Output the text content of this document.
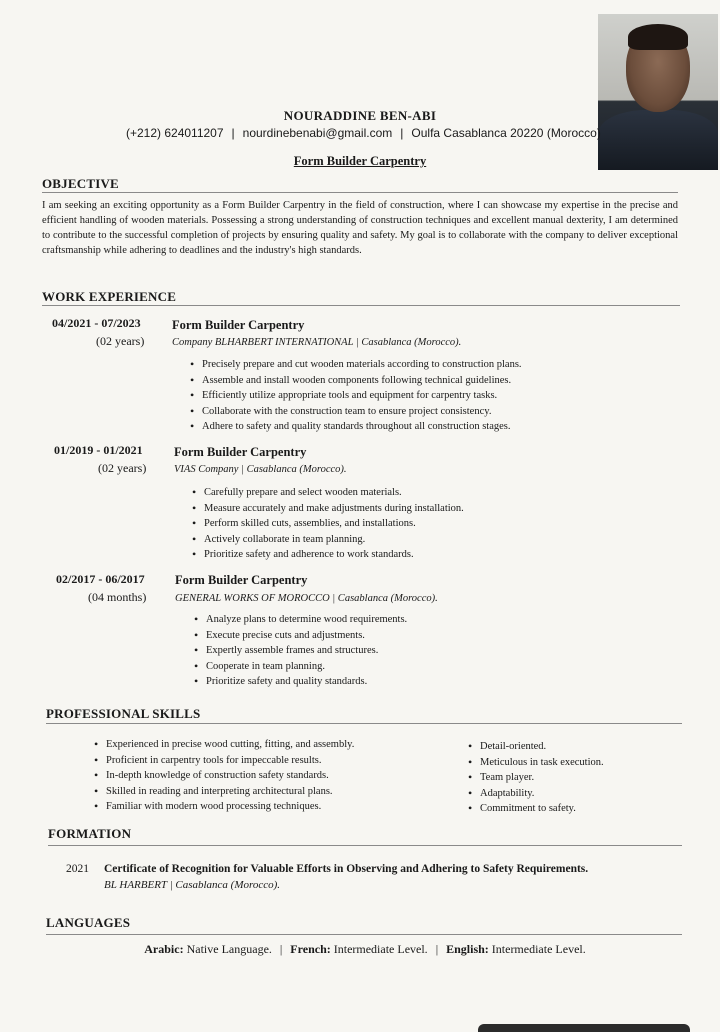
NOURADDINE BEN-ABI
(+212) 624011207 | nourdinebenabi@gmail.com | Oulfa Casablanca 20220 (Morocco)
Form Builder Carpentry
OBJECTIVE
I am seeking an exciting opportunity as a Form Builder Carpentry in the field of construction, where I can showcase my expertise in the precise and efficient handling of wooden materials. Possessing a strong understanding of construction techniques and excellent manual dexterity, I am determined to contribute to the successful completion of projects by ensuring quality and safety. My goal is to collaborate with the company to deliver exceptional craftsmanship while adhering to deadlines and the industry's high standards.
WORK EXPERIENCE
04/2021 - 07/2023
(02 years)
Form Builder Carpentry
Company BLHARBERT INTERNATIONAL | Casablanca (Morocco).
• Precisely prepare and cut wooden materials according to construction plans.
• Assemble and install wooden components following technical guidelines.
• Efficiently utilize appropriate tools and equipment for carpentry tasks.
• Collaborate with the construction team to ensure project consistency.
• Adhere to safety and quality standards throughout all construction stages.
01/2019 - 01/2021
(02 years)
Form Builder Carpentry
VIAS Company | Casablanca (Morocco).
• Carefully prepare and select wooden materials.
• Measure accurately and make adjustments during installation.
• Perform skilled cuts, assemblies, and installations.
• Actively collaborate in team planning.
• Prioritize safety and adherence to work standards.
02/2017 - 06/2017
(04 months)
Form Builder Carpentry
GENERAL WORKS OF MOROCCO | Casablanca (Morocco).
• Analyze plans to determine wood requirements.
• Execute precise cuts and adjustments.
• Expertly assemble frames and structures.
• Cooperate in team planning.
• Prioritize safety and quality standards.
PROFESSIONAL SKILLS
• Experienced in precise wood cutting, fitting, and assembly.
• Proficient in carpentry tools for impeccable results.
• In-depth knowledge of construction safety standards.
• Skilled in reading and interpreting architectural plans.
• Familiar with modern wood processing techniques.
• Detail-oriented.
• Meticulous in task execution.
• Team player.
• Adaptability.
• Commitment to safety.
FORMATION
2021 Certificate of Recognition for Valuable Efforts in Observing and Adhering to Safety Requirements.
BL HARBERT | Casablanca (Morocco).
LANGUAGES
Arabic: Native Language. | French: Intermediate Level. | English: Intermediate Level.
